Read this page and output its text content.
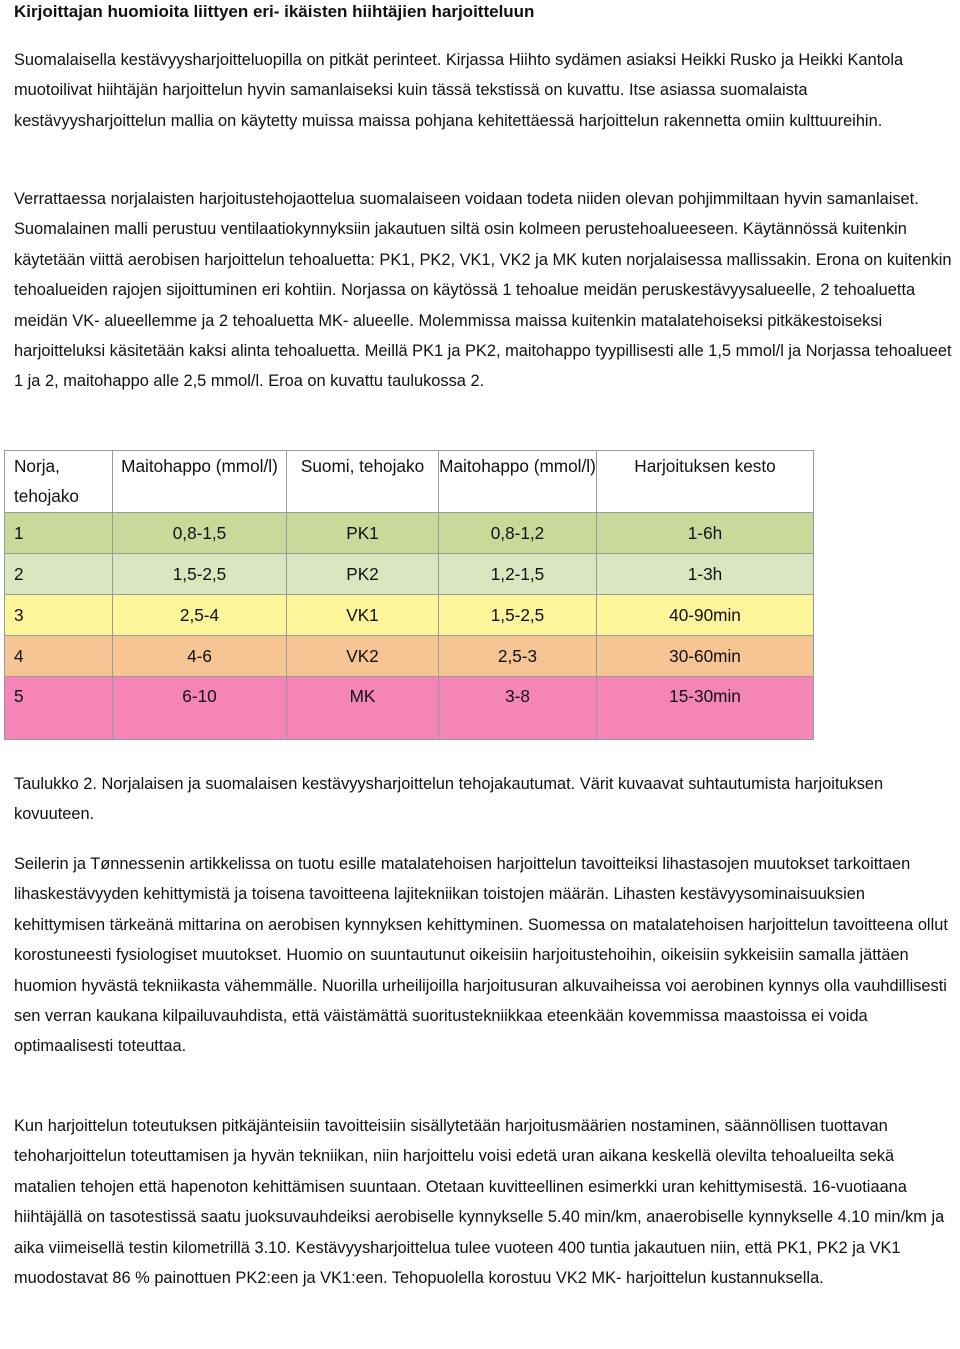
Kirjoittajan huomioita liittyen eri- ikäisten hiihtäjien harjoitteluun

Suomalaisella kestävyysharjoitteluopilla on pitkät perinteet. Kirjassa Hiihto sydämen asiaksi Heikki Rusko ja Heikki Kantola muotoilivat hiihtäjän harjoittelun hyvin samanlaiseksi kuin tässä tekstissä on kuvattu. Itse asiassa suomalaista kestävyysharjoittelun mallia on käytetty muissa maissa pohjana kehitettäessä harjoittelun rakennetta omiin kulttuureihin.

Verrattaessa norjalaisten harjoitustehojaottelua suomalaiseen voidaan todeta niiden olevan pohjimmiltaan hyvin samanlaiset. Suomalainen malli perustuu ventilaatiokynnyksiin jakautuen siltä osin kolmeen perustehoalueeseen. Käytännössä kuitenkin käytetään viittä aerobisen harjoittelun tehoaluetta: PK1, PK2, VK1, VK2 ja MK kuten norjalaisessa mallissakin. Erona on kuitenkin tehoalueiden rajojen sijoittuminen eri kohtiin. Norjassa on käytössä 1 tehoalue meidän peruskestävyysalueelle, 2 tehoaluetta meidän VK- alueellemme ja 2 tehoaluetta MK- alueelle. Molemmissa maissa kuitenkin matalatehoiseksi pitkäkestoiseksi harjoitteluksi käsitetään kaksi alinta tehoaluetta. Meillä PK1 ja PK2, maitohappo tyypillisesti alle 1,5 mmol/l ja Norjassa tehoalueet 1 ja 2, maitohappo alle 2,5 mmol/l. Eroa on kuvattu taulukossa 2.

Norja, tehojako	Maitohappo (mmol/l)	Suomi, tehojako	Maitohappo (mmol/l)	Harjoituksen kesto
1	0,8-1,5	PK1	0,8-1,2	1-6h
2	1,5-2,5	PK2	1,2-1,5	1-3h
3	2,5-4	VK1	1,5-2,5	40-90min
4	4-6	VK2	2,5-3	30-60min
5	6-10	MK	3-8	15-30min

Taulukko 2. Norjalaisen ja suomalaisen kestävyysharjoittelun tehojakautumat. Värit kuvaavat suhtautumista harjoituksen kovuuteen.

Seilerin ja Tønnessenin artikkelissa on tuotu esille matalatehoisen harjoittelun tavoitteiksi lihastasojen muutokset tarkoittaen lihaskestävyyden kehittymistä ja toisena tavoitteena lajitekniikan toistojen määrän. Lihasten kestävyysominaisuuksien kehittymisen tärkeänä mittarina on aerobisen kynnyksen kehittyminen. Suomessa on matalatehoisen harjoittelun tavoitteena ollut korostuneesti fysiologiset muutokset. Huomio on suuntautunut oikeisiin harjoitustehoihin, oikeisiin sykkeisiin samalla jättäen huomion hyvästä tekniikasta vähemmälle. Nuorilla urheilijoilla harjoitusuran alkuvaiheissa voi aerobinen kynnys olla vauhdillisesti sen verran kaukana kilpailuvauhdista, että väistämättä suoritustekniikkaa eteenkään kovemmissa maastoissa ei voida optimaalisesti toteuttaa.

Kun harjoittelun toteutuksen pitkäjänteisiin tavoitteisiin sisällytetään harjoitusmäärien nostaminen, säännöllisen tuottavan tehoharjoittelun toteuttamisen ja hyvän tekniikan, niin harjoittelu voisi edetä uran aikana keskellä olevilta tehoalueilta sekä matalien tehojen että hapenoton kehittämisen suuntaan. Otetaan kuvitteellinen esimerkki uran kehittymisestä. 16-vuotiaana hiihtäjällä on tasotestissä saatu juoksuvauhdeiksi aerobiselle kynnykselle 5.40 min/km, anaerobiselle kynnykselle 4.10 min/km ja aika viimeisellä testin kilometrillä 3.10. Kestävyysharjoittelua tulee vuoteen 400 tuntia jakautuen niin, että PK1, PK2 ja VK1 muodostavat 86 % painottuen PK2:een ja VK1:een. Tehopuolella korostuu VK2 MK- harjoittelun kustannuksella.
